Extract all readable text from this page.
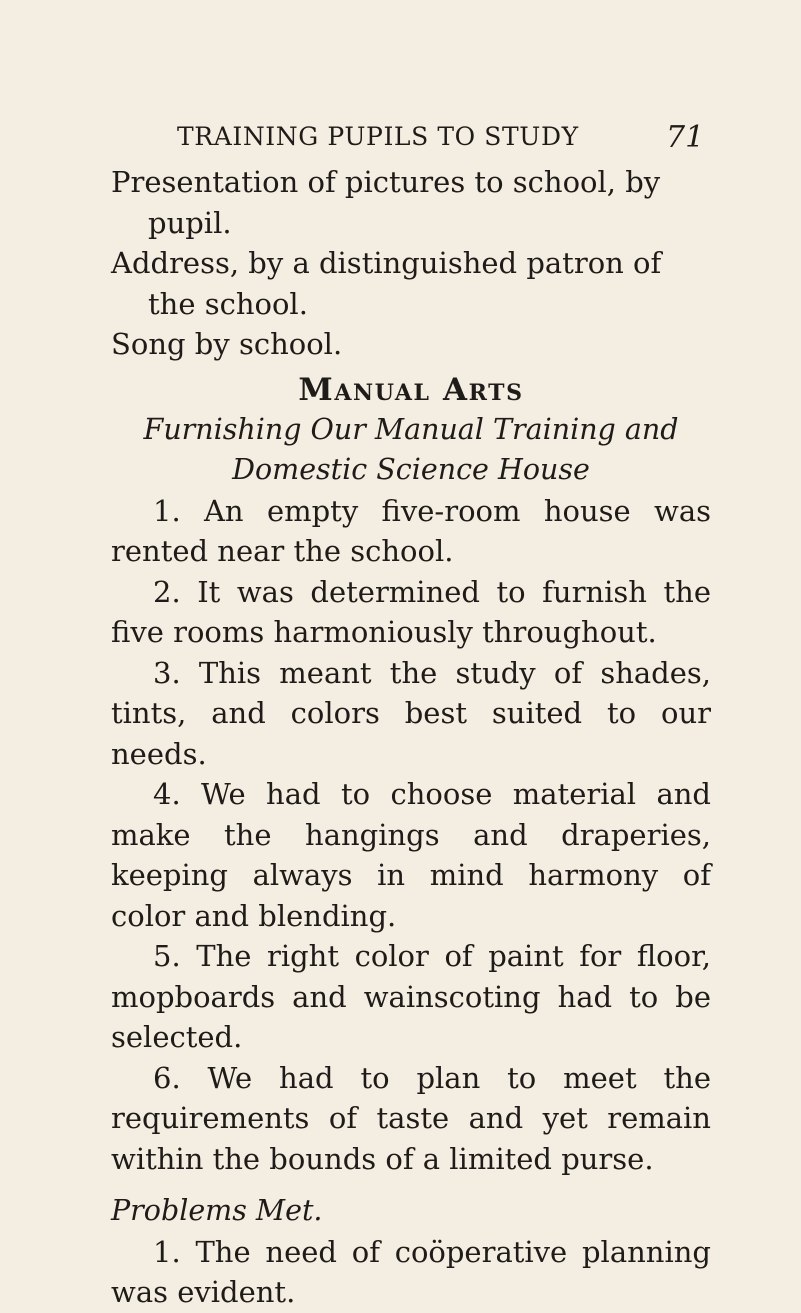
TRAINING PUPILS TO STUDY	71

Presentation of pictures to school, by pupil.

Address, by a distinguished patron of the school.

Song by school.

Manual Arts

Furnishing Our Manual Training and Domestic Science House

1. An empty five-room house was rented near the school.

2. It was determined to furnish the five rooms harmoniously throughout.

3. This meant the study of shades, tints, and colors best suited to our needs.

4. We had to choose material and make the hangings and draperies, keeping always in mind harmony of color and blending.

5. The right color of paint for floor, mopboards and wainscoting had to be selected.

6. We had to plan to meet the requirements of taste and yet remain within the bounds of a limited purse.

Problems Met.

1. The need of coöperative planning was evident.
